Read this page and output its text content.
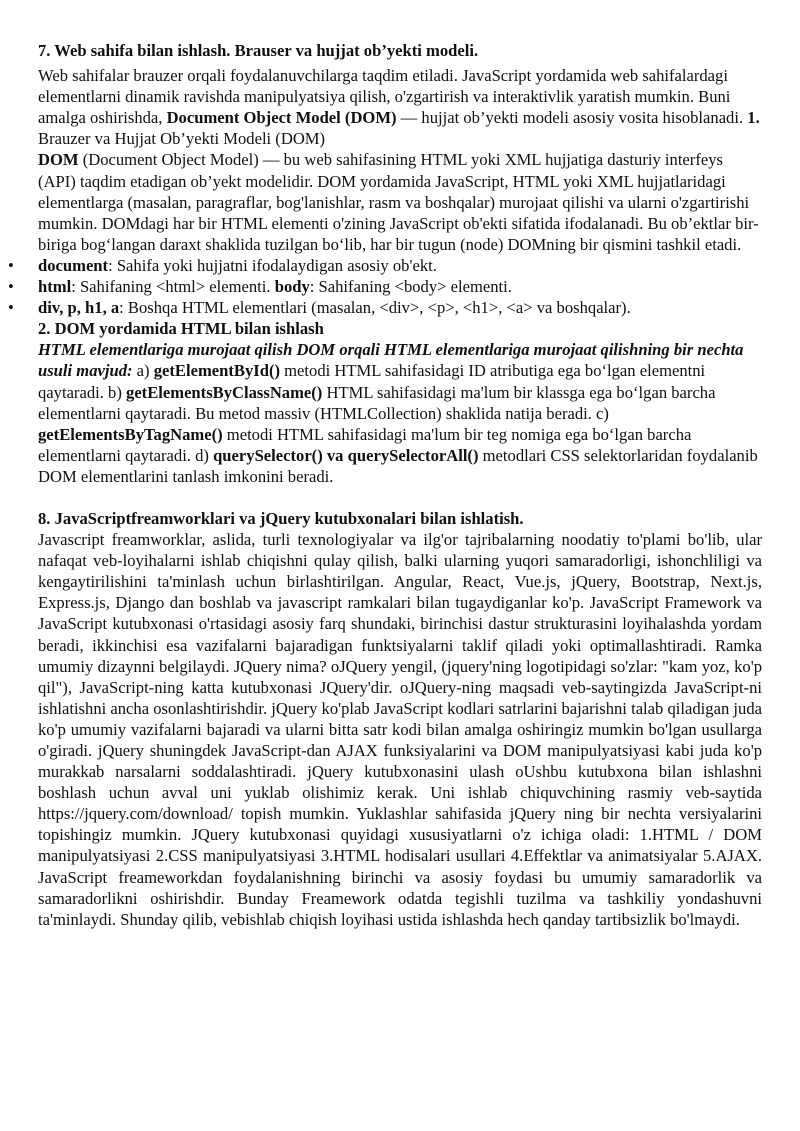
7. Web sahifa bilan ishlash. Brauser va hujjat ob’yekti modeli.

Web sahifalar brauzer orqali foydalanuvchilarga taqdim etiladi. JavaScript yordamida web sahifalardagi elementlarni dinamik ravishda manipulyatsiya qilish, o'zgartirish va interaktivlik yaratish mumkin. Buni amalga oshirishda, Document Object Model (DOM) — hujjat ob’yekti modeli asosiy vosita hisoblanadi. 1. Brauzer va Hujjat Ob’yekti Modeli (DOM)

DOM (Document Object Model) — bu web sahifasining HTML yoki XML hujjatiga dasturiy interfeys (API) taqdim etadigan ob’yekt modelidir. DOM yordamida JavaScript, HTML yoki XML hujjatlaridagi elementlarga (masalan, paragraflar, bog'lanishlar, rasm va boshqalar) murojaat qilishi va ularni o'zgartirishi mumkin. DOMdagi har bir HTML elementi o'zining JavaScript ob'ekti sifatida ifodalanadi. Bu ob’ektlar bir-biriga bog‘langan daraxt shaklida tuzilgan bo‘lib, har bir tugun (node) DOMning bir qismini tashkil etadi.

• document: Sahifa yoki hujjatni ifodalaydigan asosiy ob'ekt.
• html: Sahifaning <html> elementi. body: Sahifaning <body> elementi.
• div, p, h1, a: Boshqa HTML elementlari (masalan, <div>, <p>, <h1>, <a> va boshqalar).

2. DOM yordamida HTML bilan ishlash

HTML elementlariga murojaat qilish DOM orqali HTML elementlariga murojaat qilishning bir nechta usuli mavjud: a) getElementById() metodi HTML sahifasidagi ID atributiga ega bo‘lgan elementni qaytaradi. b) getElementsByClassName() HTML sahifasidagi ma'lum bir klassga ega bo‘lgan barcha elementlarni qaytaradi. Bu metod massiv (HTMLCollection) shaklida natija beradi. c) getElementsByTagName() metodi HTML sahifasidagi ma'lum bir teg nomiga ega bo‘lgan barcha elementlarni qaytaradi. d) querySelector() va querySelectorAll() metodlari CSS selektorlaridan foydalanib DOM elementlarini tanlash imkonini beradi.

8. JavaScriptfreamworklari va jQuery kutubxonalari bilan ishlatish.

Javascript freamworklar, aslida, turli texnologiyalar va ilg'or tajribalarning noodatiy to'plami bo'lib, ular nafaqat veb-loyihalarni ishlab chiqishni qulay qilish, balki ularning yuqori samaradorligi, ishonchliligi va kengaytirilishini ta'minlash uchun birlashtirilgan. Angular, React, Vue.js, jQuery, Bootstrap, Next.js, Express.js, Django dan boshlab va javascript ramkalari bilan tugaydiganlar ko'p. JavaScript Framework va JavaScript kutubxonasi o'rtasidagi asosiy farq shundaki, birinchisi dastur strukturasini loyihalashda yordam beradi, ikkinchisi esa vazifalarni bajaradigan funktsiyalarni taklif qiladi yoki optimallashtiradi. Ramka umumiy dizaynni belgilaydi. JQuery nima? oJQuery yengil, (jquery'ning logotipidagi so'zlar: "kam yoz, ko'p qil"), JavaScript-ning katta kutubxonasi JQuery'dir. oJQuery-ning maqsadi veb-saytingizda JavaScript-ni ishlatishni ancha osonlashtirishdir. jQuery ko'plab JavaScript kodlari satrlarini bajarishni talab qiladigan juda ko'p umumiy vazifalarni bajaradi va ularni bitta satr kodi bilan amalga oshiringiz mumkin bo'lgan usullarga o'giradi. jQuery shuningdek JavaScript-dan AJAX funksiyalarini va DOM manipulyatsiyasi kabi juda ko'p murakkab narsalarni soddalashtiradi. jQuery kutubxonasini ulash oUshbu kutubxona bilan ishlashni boshlash uchun avval uni yuklab olishimiz kerak. Uni ishlab chiquvchining rasmiy veb-saytida https://jquery.com/download/ topish mumkin. Yuklashlar sahifasida jQuery ning bir nechta versiyalarini topishingiz mumkin. JQuery kutubxonasi quyidagi xususiyatlarni o'z ichiga oladi: 1.HTML / DOM manipulyatsiyasi 2.CSS manipulyatsiyasi 3.HTML hodisalari usullari 4.Effektlar va animatsiyalar 5.AJAX. JavaScript freameworkdan foydalanishning birinchi va asosiy foydasi bu umumiy samaradorlik va samaradorlikni oshirishdir. Bunday Freamework odatda tegishli tuzilma va tashkiliy yondashuvni ta'minlaydi. Shunday qilib, vebishlab chiqish loyihasi ustida ishlashda hech qanday tartibsizlik bo'lmaydi.
